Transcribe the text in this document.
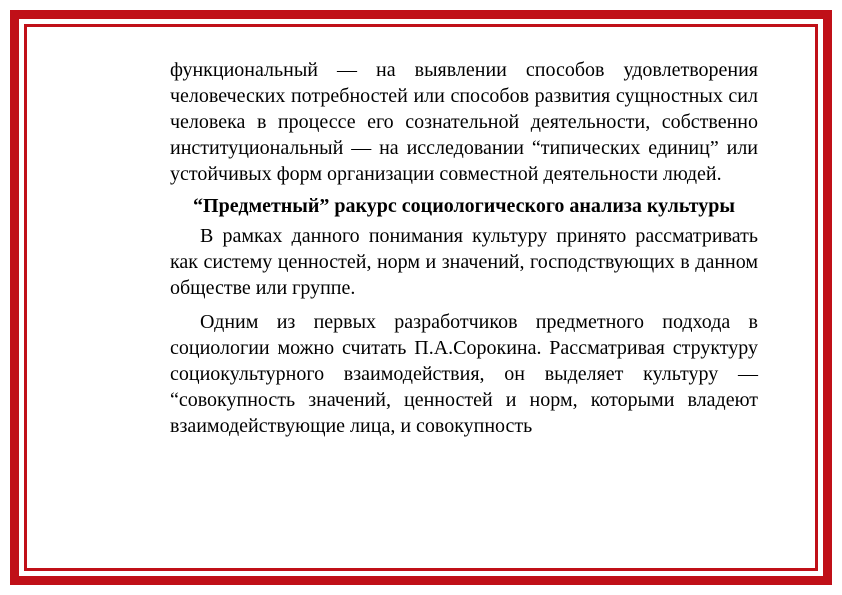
функциональный — на выявлении способов удовлетворения человеческих потребностей или способов развития сущностных сил человека в процессе его сознательной деятельности, собственно институциональный — на исследовании “типических единиц” или устойчивых форм организации совместной деятельности людей.

“Предметный” ракурс социологического анализа культуры

В рамках данного понимания культуру принято рассматривать как систему ценностей, норм и значений, господствующих в данном обществе или группе.

Одним из первых разработчиков предметного подхода в социологии можно считать П.А.Сорокина. Рассматривая структуру социокультурного взаимодействия, он выделяет культуру — “совокупность значений, ценностей и норм, которыми владеют взаимодействующие лица, и совокупность
